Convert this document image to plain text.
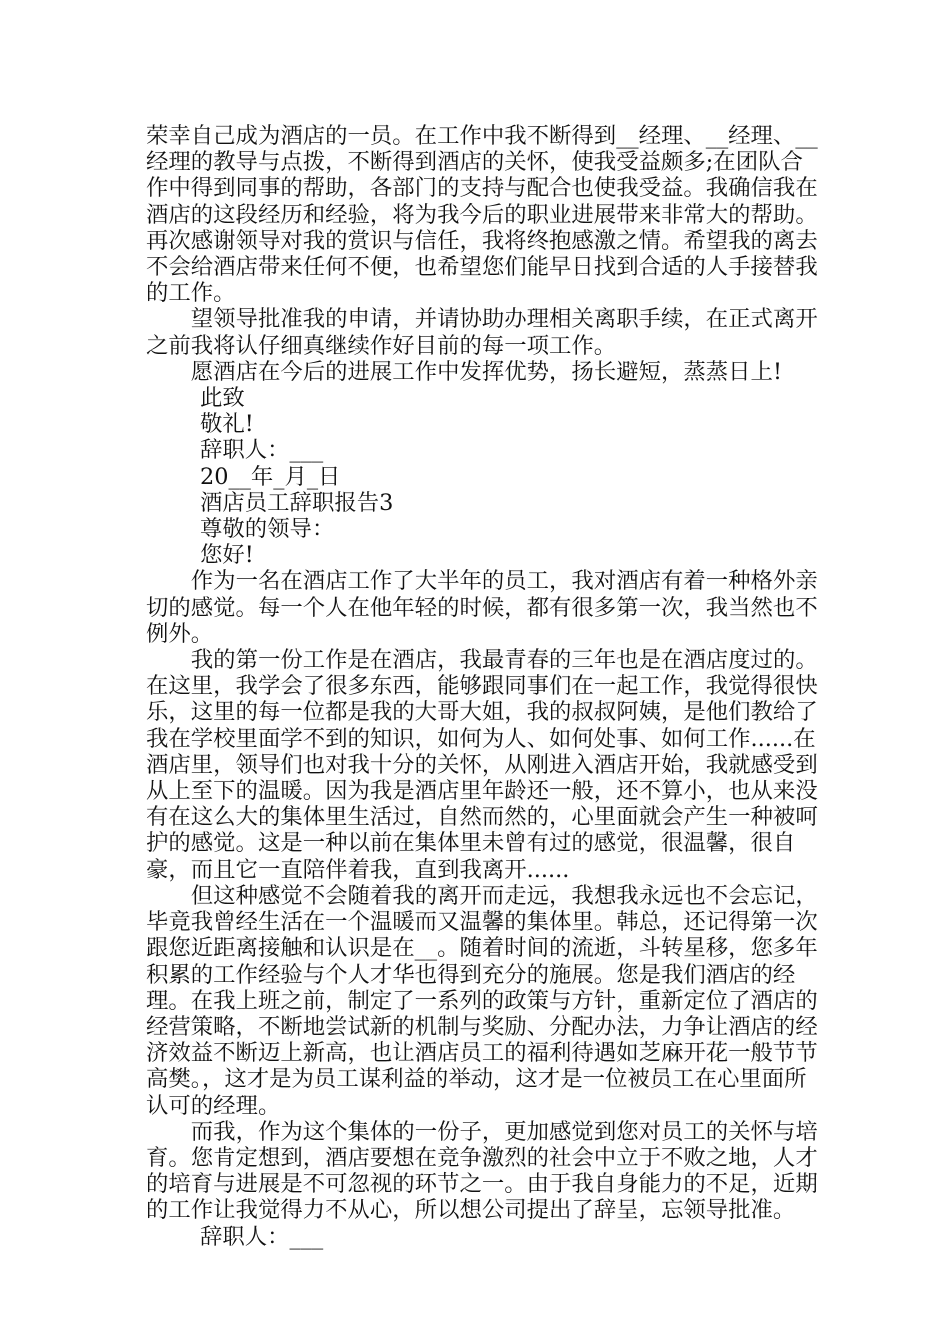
荣幸自己成为酒店的一员。在工作中我不断得到__经理、__经理、__经理的教导与点拨，不断得到酒店的关怀，使我受益颇多;在团队合作中得到同事的帮助，各部门的支持与配合也使我受益。我确信我在酒店的这段经历和经验，将为我今后的职业进展带来非常大的帮助。再次感谢领导对我的赏识与信任，我将终抱感激之情。希望我的离去不会给酒店带来任何不便，也希望您们能早日找到合适的人手接替我的工作。

望领导批准我的申请，并请协助办理相关离职手续，在正式离开之前我将认仔细真继续作好目前的每一项工作。

愿酒店在今后的进展工作中发挥优势，扬长避短，蒸蒸日上!

此致

敬礼!

辞职人：___

20__年_月_日

酒店员工辞职报告3

尊敬的领导：

您好!

作为一名在酒店工作了大半年的员工，我对酒店有着一种格外亲切的感觉。每一个人在他年轻的时候，都有很多第一次，我当然也不例外。

我的第一份工作是在酒店，我最青春的三年也是在酒店度过的。在这里，我学会了很多东西，能够跟同事们在一起工作，我觉得很快乐，这里的每一位都是我的大哥大姐，我的叔叔阿姨，是他们教给了我在学校里面学不到的知识，如何为人、如何处事、如何工作......在酒店里，领导们也对我十分的关怀，从刚进入酒店开始，我就感受到从上至下的温暖。因为我是酒店里年龄还一般，还不算小，也从来没有在这么大的集体里生活过，自然而然的，心里面就会产生一种被呵护的感觉。这是一种以前在集体里未曾有过的感觉，很温馨，很自豪，而且它一直陪伴着我，直到我离开......

但这种感觉不会随着我的离开而走远，我想我永远也不会忘记，毕竟我曾经生活在一个温暖而又温馨的集体里。韩总，还记得第一次跟您近距离接触和认识是在__。随着时间的流逝，斗转星移，您多年积累的工作经验与个人才华也得到充分的施展。您是我们酒店的经理。在我上班之前，制定了一系列的政策与方针，重新定位了酒店的经营策略，不断地尝试新的机制与奖励、分配办法，力争让酒店的经济效益不断迈上新高，也让酒店员工的福利待遇如芝麻开花一般节节高樊。，这才是为员工谋利益的举动，这才是一位被员工在心里面所认可的经理。

而我，作为这个集体的一份子，更加感觉到您对员工的关怀与培育。您肯定想到，酒店要想在竞争激烈的社会中立于不败之地，人才的培育与进展是不可忽视的环节之一。由于我自身能力的不足，近期的工作让我觉得力不从心，所以想公司提出了辞呈，忘领导批准。

辞职人：___
